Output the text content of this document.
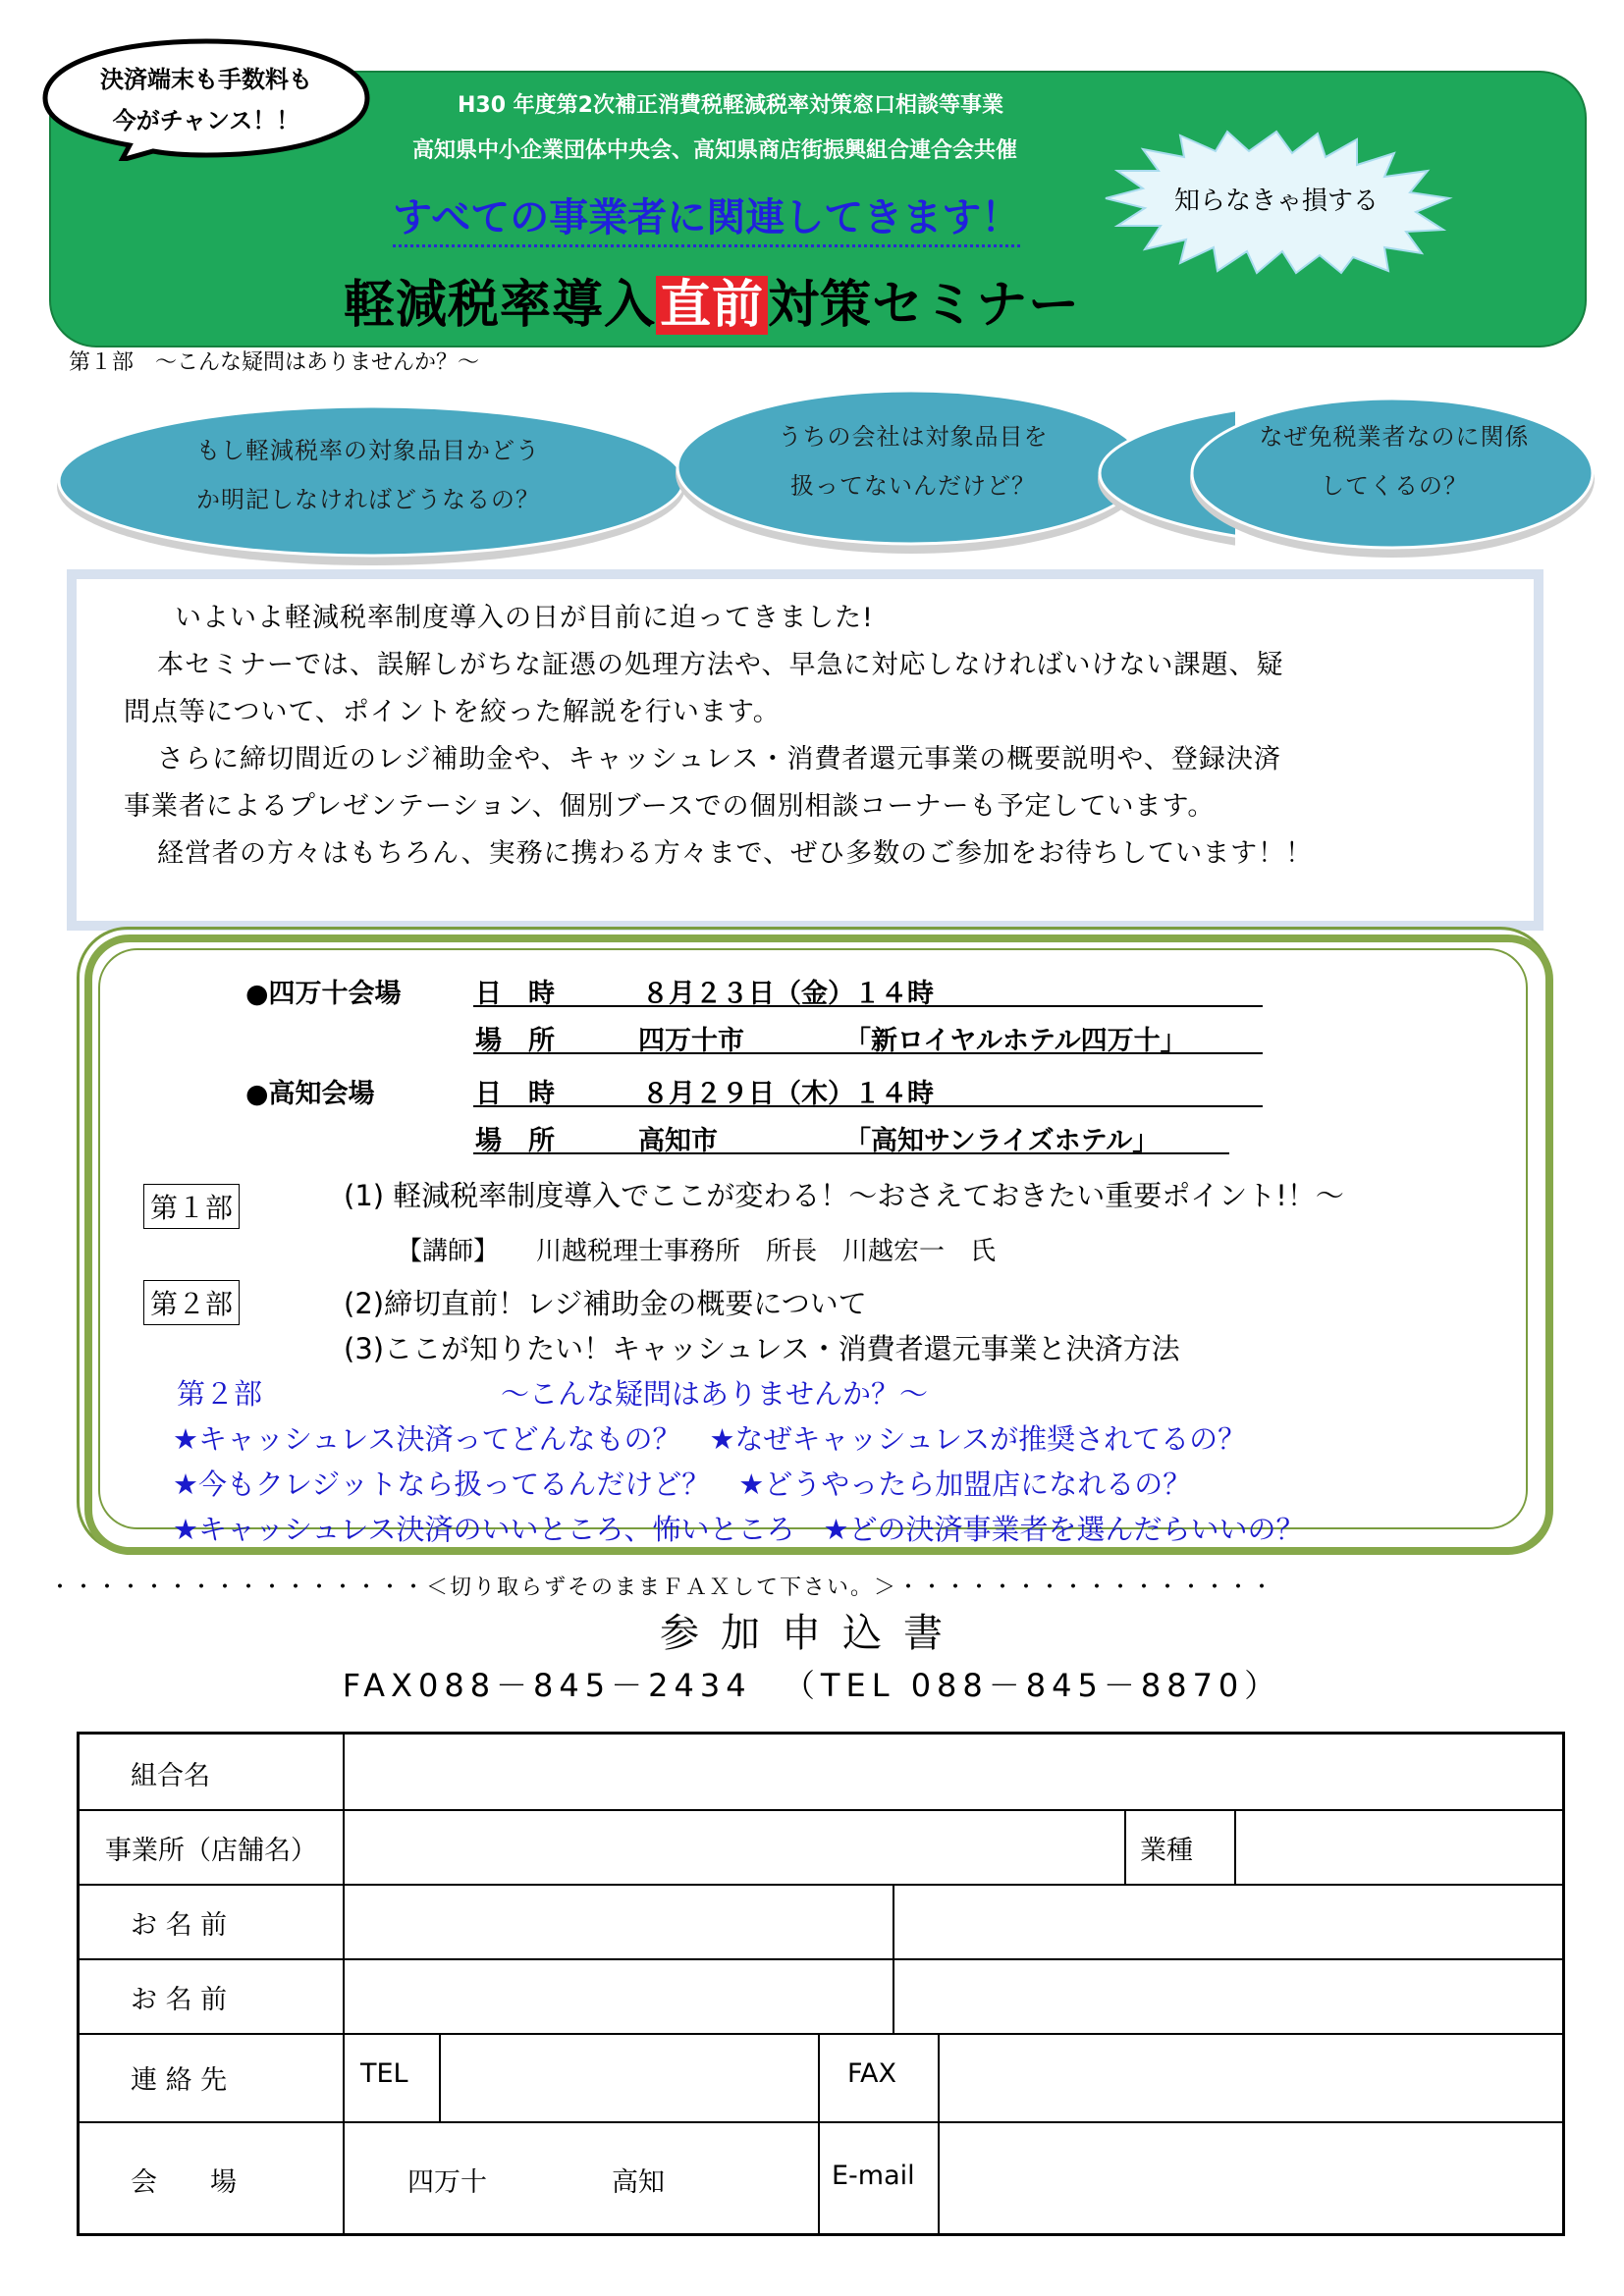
H30 年度第2次補正消費税軽減税率対策窓口相談等事業
高知県中小企業団体中央会、高知県商店街振興組合連合会共催
すべての事業者に関連してきます！
軽減税率導入直前対策セミナー
決済端末も手数料も
今がチャンス！！
知らなきゃ損する
第１部　～こんな疑問はありませんか？～
もし軽減税率の対象品目かどう
か明記しなければどうなるの？
うちの会社は対象品目を
扱ってないんだけど？
なぜ免税業者なのに関係
してくるの？
いよいよ軽減税率制度導入の日が目前に迫ってきました!
本セミナーでは、誤解しがちな証憑の処理方法や、早急に対応しなければいけない課題、疑
問点等について、ポイントを絞った解説を行います。
さらに締切間近のレジ補助金や、キャッシュレス・消費者還元事業の概要説明や、登録決済
事業者によるプレゼンテーション、個別ブースでの個別相談コーナーも予定しています。
経営者の方々はもちろん、実務に携わる方々まで、ぜひ多数のご参加をお待ちしています！！
●四万十会場	日　時	８月２３日（金）１４時
場　所	四万十市	「新ロイヤルホテル四万十」
●高知会場	日　時	８月２９日（木）１４時
場　所	高知市	「高知サンライズホテル」
第１部	(1) 軽減税率制度導入でここが変わる！～おさえておきたい重要ポイント!！～
【講師】 川越税理士事務所　所長　川越宏一　氏
第２部	(2)締切直前！レジ補助金の概要について
(3)ここが知りたい！キャッシュレス・消費者還元事業と決済方法
第２部	～こんな疑問はありませんか？～
★キャッシュレス決済ってどんなもの？　★なぜキャッシュレスが推奨されてるの？
★今もクレジットなら扱ってるんだけど？　★どうやったら加盟店になれるの？
★キャッシュレス決済のいいところ、怖いところ　★どの決済事業者を選んだらいいの？
・・・・・・・・・・・・・・・・＜切り取らずそのままＦＡＸして下さい。＞・・・・・・・・・・・・・・・・
参加申込書
FAX088－845－2434 （TEL 088－845－8870）
組合名
事業所（店舗名）	業種
お 名 前
お 名 前
連 絡 先	TEL	FAX
会　　場	四万十	高知	E-mail
